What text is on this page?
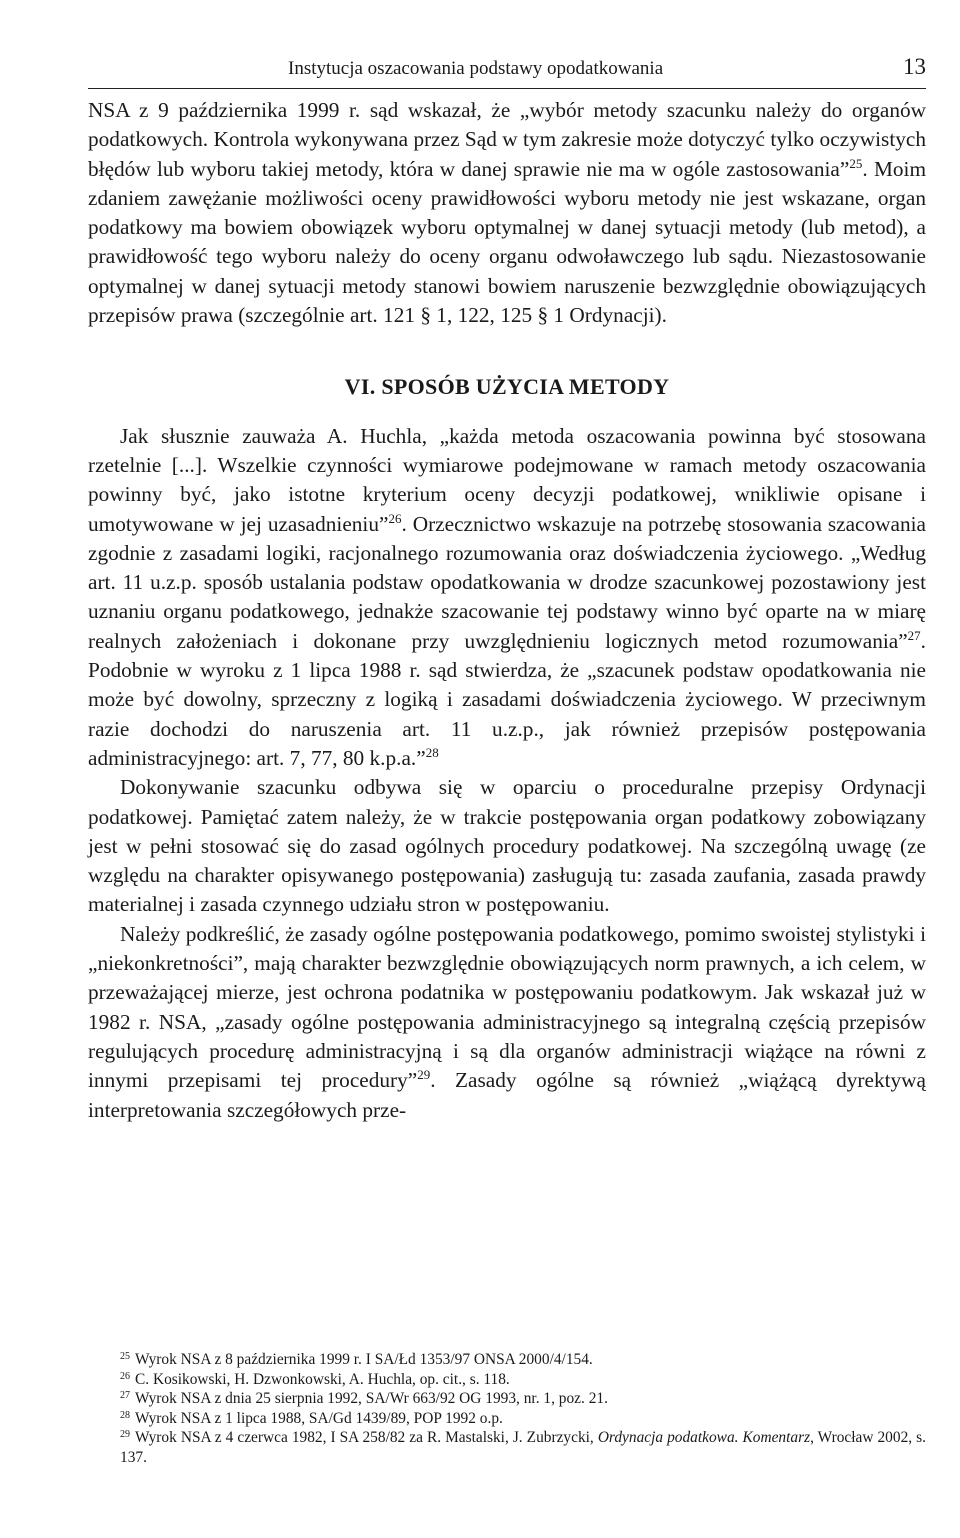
Instytucja oszacowania podstawy opodatkowania	13

NSA z 9 października 1999 r. sąd wskazał, że „wybór metody szacunku należy do organów podatkowych. Kontrola wykonywana przez Sąd w tym zakresie może dotyczyć tylko oczywistych błędów lub wyboru takiej metody, która w danej sprawie nie ma w ogóle zastosowania”$^{25}$. Moim zdaniem zawężanie możliwości oceny prawidłowości wyboru metody nie jest wskazane, organ podatkowy ma bowiem obowiązek wyboru optymalnej w danej sytuacji metody (lub metod), a prawidłowość tego wyboru należy do oceny organu odwoławczego lub sądu. Niezastosowanie optymalnej w danej sytuacji metody stanowi bowiem naruszenie bezwzględnie obowiązujących przepisów prawa (szczególnie art. 121 § 1, 122, 125 § 1 Ordynacji).

VI. SPOSÓB UŻYCIA METODY

Jak słusznie zauważa A. Huchla, „każda metoda oszacowania powinna być stosowana rzetelnie [...]. Wszelkie czynności wymiarowe podejmowane w ramach metody oszacowania powinny być, jako istotne kryterium oceny decyzji podatkowej, wnikliwie opisane i umotywowane w jej uzasadnieniu”$^{26}$. Orzecznictwo wskazuje na potrzebę stosowania szacowania zgodnie z zasadami logiki, racjonalnego rozumowania oraz doświadczenia życiowego. „Według art. 11 u.z.p. sposób ustalania podstaw opodatkowania w drodze szacunkowej pozostawiony jest uznaniu organu podatkowego, jednakże szacowanie tej podstawy winno być oparte na w miarę realnych założeniach i dokonane przy uwzględnieniu logicznych metod rozumowania”$^{27}$. Podobnie w wyroku z 1 lipca 1988 r. sąd stwierdza, że „szacunek podstaw opodatkowania nie może być dowolny, sprzeczny z logiką i zasadami doświadczenia życiowego. W przeciwnym razie dochodzi do naruszenia art. 11 u.z.p., jak również przepisów postępowania administracyjnego: art. 7, 77, 80 k.p.a.”$^{28}$

Dokonywanie szacunku odbywa się w oparciu o proceduralne przepisy Ordynacji podatkowej. Pamiętać zatem należy, że w trakcie postępowania organ podatkowy zobowiązany jest w pełni stosować się do zasad ogólnych procedury podatkowej. Na szczególną uwagę (ze względu na charakter opisywanego postępowania) zasługują tu: zasada zaufania, zasada prawdy materialnej i zasada czynnego udziału stron w postępowaniu.

Należy podkreślić, że zasady ogólne postępowania podatkowego, pomimo swoistej stylistyki i „niekonkretności”, mają charakter bezwzględnie obowiązujących norm prawnych, a ich celem, w przeważającej mierze, jest ochrona podatnika w postępowaniu podatkowym. Jak wskazał już w 1982 r. NSA, „zasady ogólne postępowania administracyjnego są integralną częścią przepisów regulujących procedurę administracyjną i są dla organów administracji wiążące na równi z innymi przepisami tej procedury”$^{29}$. Zasady ogólne są również „wiążącą dyrektywą interpretowania szczegółowych prze-

$^{25}$ Wyrok NSA z 8 października 1999 r. I SA/Łd 1353/97 ONSA 2000/4/154.

$^{26}$ C. Kosikowski, H. Dzwonkowski, A. Huchla, op. cit., s. 118.

$^{27}$ Wyrok NSA z dnia 25 sierpnia 1992, SA/Wr 663/92 OG 1993, nr. 1, poz. 21.

$^{28}$ Wyrok NSA z 1 lipca 1988, SA/Gd 1439/89, POP 1992 o.p.

$^{29}$ Wyrok NSA z 4 czerwca 1982, I SA 258/82 za R. Mastalski, J. Zubrzycki, Ordynacja podatkowa. Komentarz, Wrocław 2002, s. 137.
